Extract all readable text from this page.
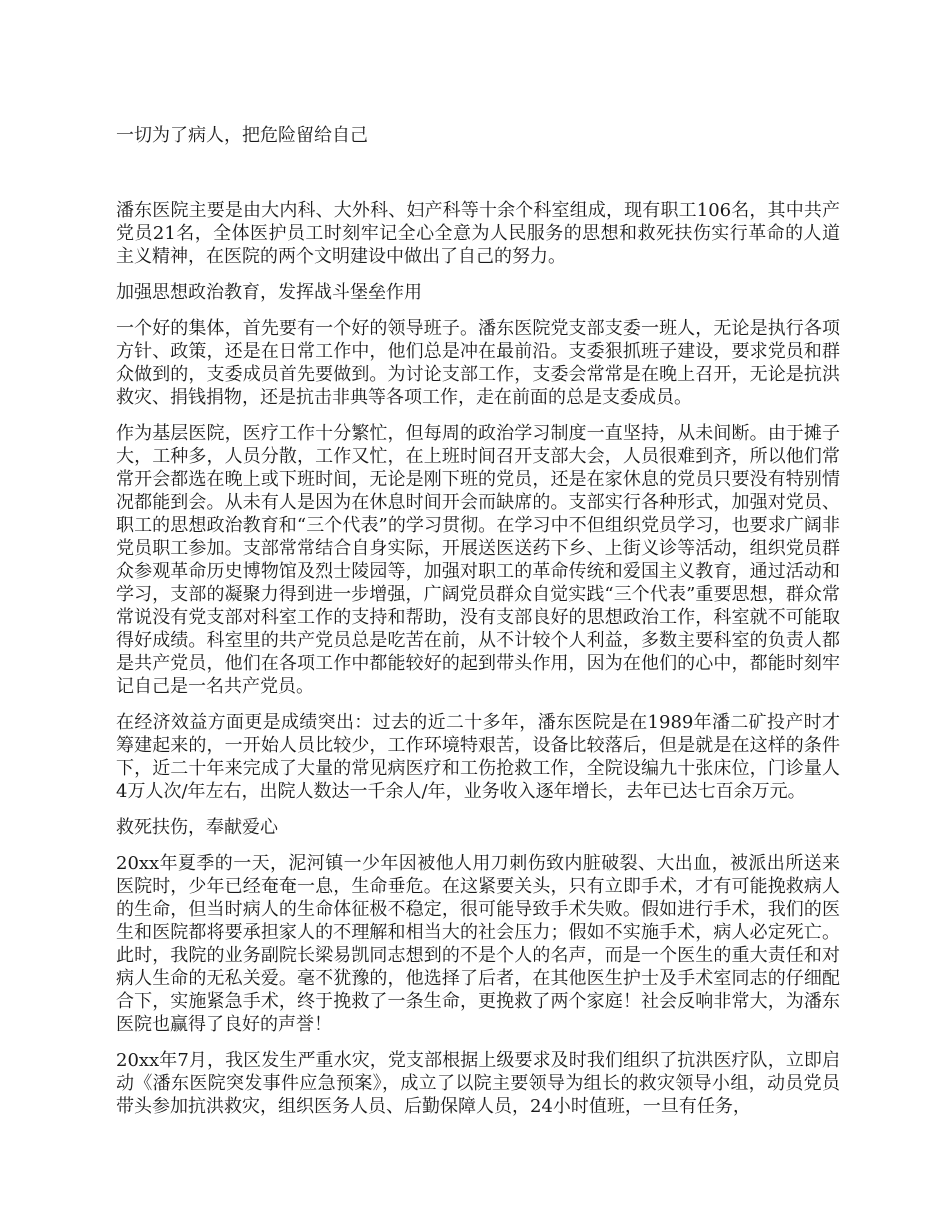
一切为了病人，把危险留给自己
潘东医院主要是由大内科、大外科、妇产科等十余个科室组成，现有职工106名，其中共产党员21名，全体医护员工时刻牢记全心全意为人民服务的思想和救死扶伤实行革命的人道主义精神，在医院的两个文明建设中做出了自己的努力。
加强思想政治教育，发挥战斗堡垒作用
一个好的集体，首先要有一个好的领导班子。潘东医院党支部支委一班人，无论是执行各项方针、政策，还是在日常工作中，他们总是冲在最前沿。支委狠抓班子建设，要求党员和群众做到的，支委成员首先要做到。为讨论支部工作，支委会常常是在晚上召开，无论是抗洪救灾、捐钱捐物，还是抗击非典等各项工作，走在前面的总是支委成员。
作为基层医院，医疗工作十分繁忙，但每周的政治学习制度一直坚持，从未间断。由于摊子大，工种多，人员分散，工作又忙，在上班时间召开支部大会，人员很难到齐，所以他们常常开会都选在晚上或下班时间，无论是刚下班的党员，还是在家休息的党员只要没有特别情况都能到会。从未有人是因为在休息时间开会而缺席的。支部实行各种形式，加强对党员、职工的思想政治教育和“三个代表”的学习贯彻。在学习中不但组织党员学习，也要求广阔非党员职工参加。支部常常结合自身实际，开展送医送药下乡、上街义诊等活动，组织党员群众参观革命历史博物馆及烈士陵园等，加强对职工的革命传统和爱国主义教育，通过活动和学习，支部的凝聚力得到进一步增强，广阔党员群众自觉实践“三个代表”重要思想，群众常常说没有党支部对科室工作的支持和帮助，没有支部良好的思想政治工作，科室就不可能取得好成绩。科室里的共产党员总是吃苦在前，从不计较个人利益，多数主要科室的负责人都是共产党员，他们在各项工作中都能较好的起到带头作用，因为在他们的心中，都能时刻牢记自己是一名共产党员。
在经济效益方面更是成绩突出：过去的近二十多年，潘东医院是在1989年潘二矿投产时才筹建起来的，一开始人员比较少，工作环境特艰苦，设备比较落后，但是就是在这样的条件下，近二十年来完成了大量的常见病医疗和工伤抢救工作，全院设编九十张床位，门诊量人4万人次/年左右，出院人数达一千余人/年，业务收入逐年增长，去年已达七百余万元。
救死扶伤，奉献爱心
20xx年夏季的一天，泥河镇一少年因被他人用刀刺伤致内脏破裂、大出血，被派出所送来医院时，少年已经奄奄一息，生命垂危。在这紧要关头，只有立即手术，才有可能挽救病人的生命，但当时病人的生命体征极不稳定，很可能导致手术失败。假如进行手术，我们的医生和医院都将要承担家人的不理解和相当大的社会压力；假如不实施手术，病人必定死亡。此时，我院的业务副院长梁易凯同志想到的不是个人的名声，而是一个医生的重大责任和对病人生命的无私关爱。毫不犹豫的，他选择了后者，在其他医生护士及手术室同志的仔细配合下，实施紧急手术，终于挽救了一条生命，更挽救了两个家庭！社会反响非常大，为潘东医院也赢得了良好的声誉！
20xx年7月，我区发生严重水灾，党支部根据上级要求及时我们组织了抗洪医疗队，立即启动《潘东医院突发事件应急预案》，成立了以院主要领导为组长的救灾领导小组，动员党员带头参加抗洪救灾，组织医务人员、后勤保障人员，24小时值班，一旦有任务，
